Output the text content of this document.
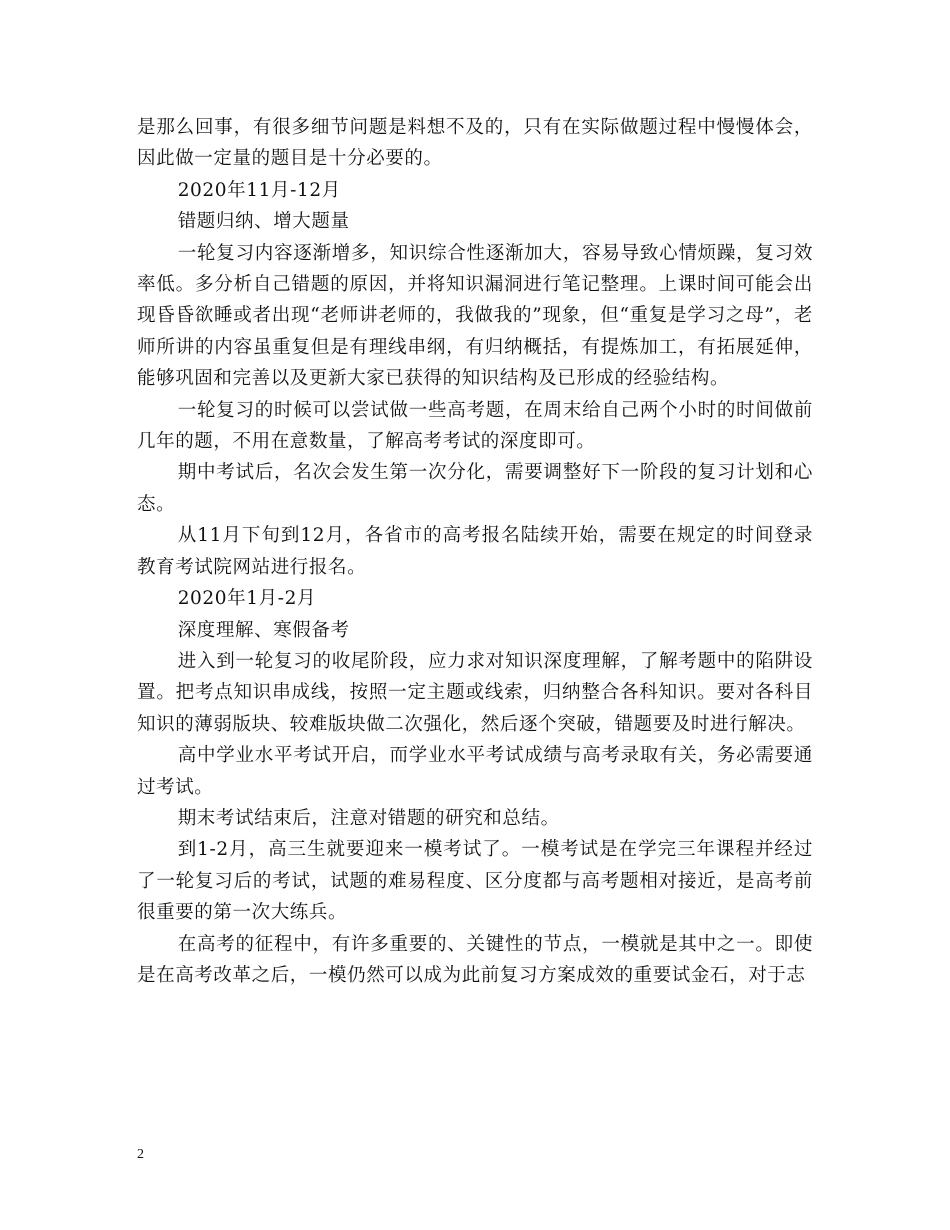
是那么回事，有很多细节问题是料想不及的，只有在实际做题过程中慢慢体会，因此做一定量的题目是十分必要的。

2020年11月-12月

错题归纳、增大题量

一轮复习内容逐渐增多，知识综合性逐渐加大，容易导致心情烦躁，复习效率低。多分析自己错题的原因，并将知识漏洞进行笔记整理。上课时间可能会出现昏昏欲睡或者出现“老师讲老师的，我做我的”现象，但“重复是学习之母”，老师所讲的内容虽重复但是有理线串纲，有归纳概括，有提炼加工，有拓展延伸，能够巩固和完善以及更新大家已获得的知识结构及已形成的经验结构。

一轮复习的时候可以尝试做一些高考题，在周末给自己两个小时的时间做前几年的题，不用在意数量，了解高考考试的深度即可。

期中考试后，名次会发生第一次分化，需要调整好下一阶段的复习计划和心态。

从11月下旬到12月，各省市的高考报名陆续开始，需要在规定的时间登录教育考试院网站进行报名。

2020年1月-2月

深度理解、寒假备考

进入到一轮复习的收尾阶段，应力求对知识深度理解，了解考题中的陷阱设置。把考点知识串成线，按照一定主题或线索，归纳整合各科知识。要对各科目知识的薄弱版块、较难版块做二次强化，然后逐个突破，错题要及时进行解决。

高中学业水平考试开启，而学业水平考试成绩与高考录取有关，务必需要通过考试。

期末考试结束后，注意对错题的研究和总结。

到1-2月，高三生就要迎来一模考试了。一模考试是在学完三年课程并经过了一轮复习后的考试，试题的难易程度、区分度都与高考题相对接近，是高考前很重要的第一次大练兵。

在高考的征程中，有许多重要的、关键性的节点，一模就是其中之一。即使是在高考改革之后，一模仍然可以成为此前复习方案成效的重要试金石，对于志

2
